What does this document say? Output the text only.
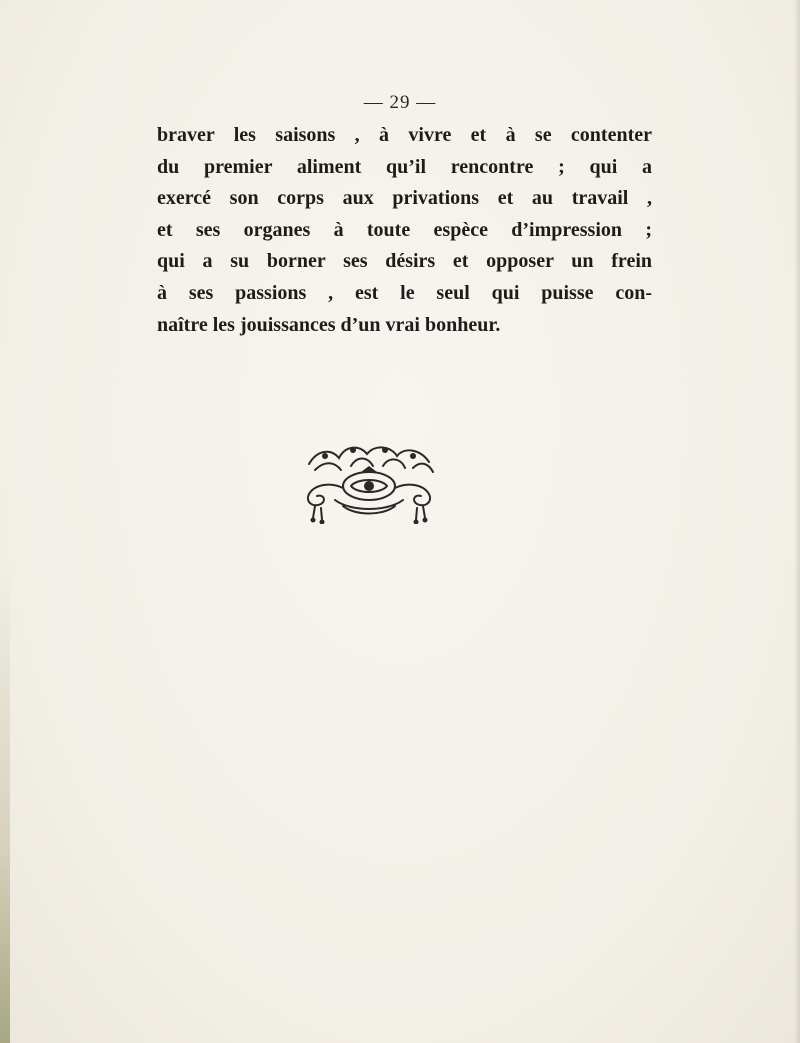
— 29 —
braver les saisons , à vivre et à se contenter
du premier aliment qu’il rencontre ; qui a
exercé son corps aux privations et au travail ,
et ses organes à toute espèce d’impression ;
qui a su borner ses désirs et opposer un frein
à ses passions , est le seul qui puisse con-
naître les jouissances d’un vrai bonheur.
